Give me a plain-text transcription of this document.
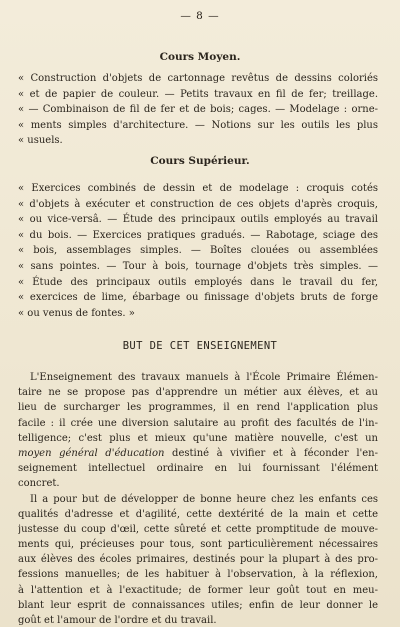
— 8 —
Cours Moyen.
« Construction d'objets de cartonnage revêtus de dessins coloriés
« et de papier de couleur. — Petits travaux en fil de fer; treillage.
« — Combinaison de fil de fer et de bois; cages. — Modelage : orne-
« ments simples d'architecture. — Notions sur les outils les plus
« usuels.
Cours Supérieur.
« Exercices combinés de dessin et de modelage : croquis cotés
« d'objets à exécuter et construction de ces objets d'après croquis,
« ou vice-versâ. — Étude des principaux outils employés au travail
« du bois. — Exercices pratiques gradués. — Rabotage, sciage des
« bois, assemblages simples. — Boîtes clouées ou assemblées
« sans pointes. — Tour à bois, tournage d'objets très simples. —
« Étude des principaux outils employés dans le travail du fer,
« exercices de lime, ébarbage ou finissage d'objets bruts de forge
« ou venus de fontes. »
BUT DE CET ENSEIGNEMENT
L'Enseignement des travaux manuels à l'École Primaire Élémen-
taire ne se propose pas d'apprendre un métier aux élèves, et au
lieu de surcharger les programmes, il en rend l'application plus
facile : il crée une diversion salutaire au profit des facultés de l'in-
telligence; c'est plus et mieux qu'une matière nouvelle, c'est un
moyen général d'éducation destiné à vivifier et à féconder l'en-
seignement intellectuel ordinaire en lui fournissant l'élément
concret.
Il a pour but de développer de bonne heure chez les enfants ces
qualités d'adresse et d'agilité, cette dextérité de la main et cette
justesse du coup d'œil, cette sûreté et cette promptitude de mouve-
ments qui, précieuses pour tous, sont particulièrement nécessaires
aux élèves des écoles primaires, destinés pour la plupart à des pro-
fessions manuelles; de les habituer à l'observation, à la réflexion,
à l'attention et à l'exactitude; de former leur goût tout en meu-
blant leur esprit de connaissances utiles; enfin de leur donner le
goût et l'amour de l'ordre et du travail.
